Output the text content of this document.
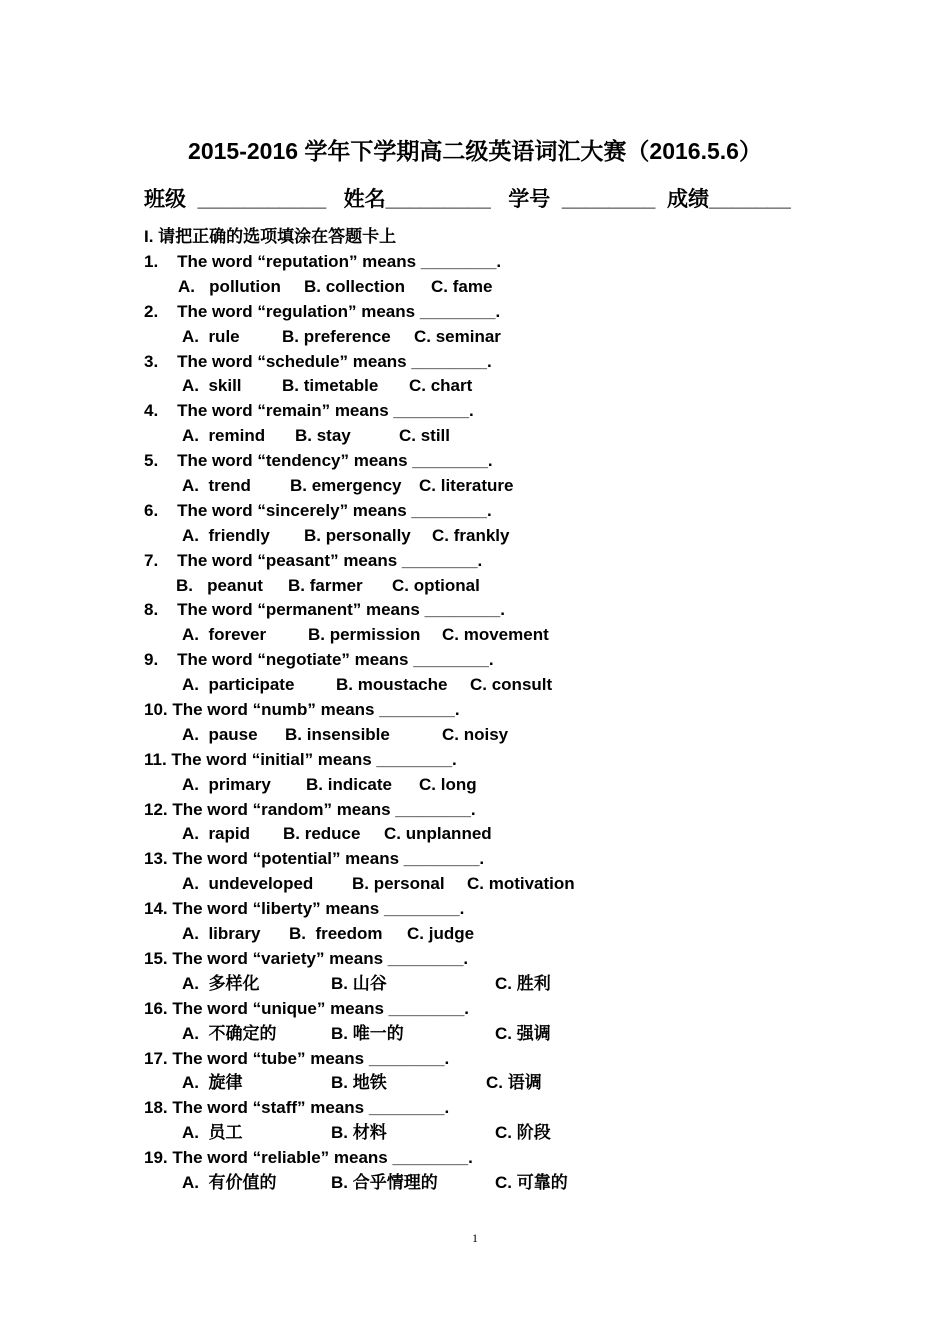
2015-2016 学年下学期高二级英语词汇大赛（2016.5.6）
班级  ___________   姓名_________   学号  ________  成绩_______
I. 请把正确的选项填涂在答题卡上
1.    The word “reputation” means ________.
A.   pollution B. collection C. fame
2.    The word “regulation” means ________.
A.  rule B. preference C. seminar
3.    The word “schedule” means ________.
A.  skill B. timetable C. chart
4.    The word “remain” means ________.
A.  remind B. stay	C. still
5.    The word “tendency” means ________.
A.  trend B. emergency C. literature
6.    The word “sincerely” means ________.
A.  friendly B. personally C. frankly
7.    The word “peasant” means ________.
B.   peanut B. farmer C. optional
8.    The word “permanent” means ________.
A.  forever B. permission C. movement
9.    The word “negotiate” means ________.
A.  participate B. moustache C. consult
10. The word “numb” means ________.
A.  pause B. insensible	C. noisy
11. The word “initial” means ________.
A.  primary B. indicate C. long
12. The word “random” means ________.
A.  rapid B. reduce C. unplanned
13. The word “potential” means ________.
A.  undeveloped B. personal C. motivation
14. The word “liberty” means ________.
A.  library B.  freedom C. judge
15. The word “variety” means ________.
A.  多样化	B. 山谷	C. 胜利
16. The word “unique” means ________.
A.  不确定的	B. 唯一的	C. 强调
17. The word “tube” means ________.
A.  旋律	B. 地铁	C. 语调
18. The word “staff” means ________.
A.  员工	B. 材料	C. 阶段
19. The word “reliable” means ________.
A.  有价值的	B. 合乎情理的	C. 可靠的
1
